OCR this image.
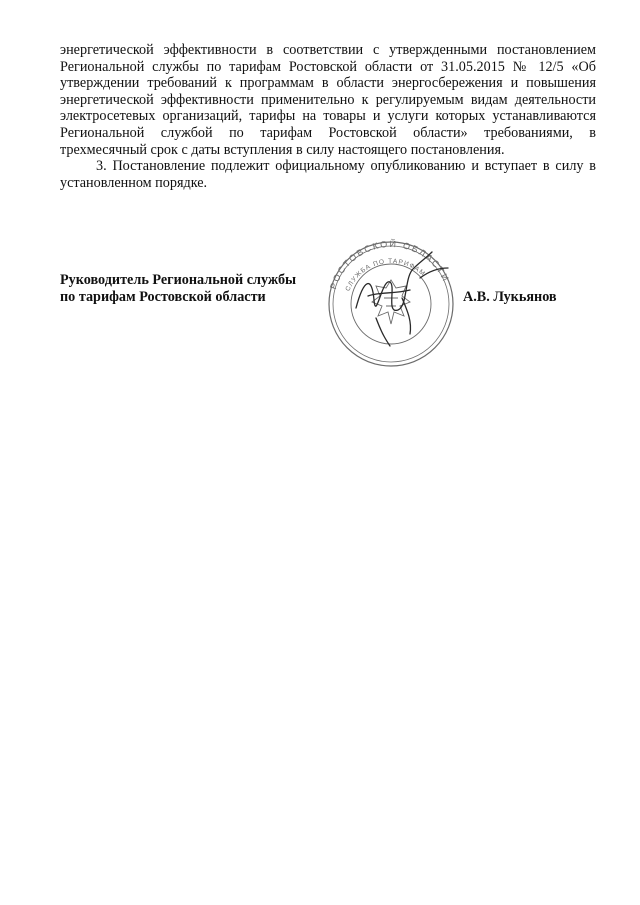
энергетической эффективности в соответствии с утвержденными постановлением Региональной службы по тарифам Ростовской области от 31.05.2015 № 12/5 «Об утверждении требований к программам в области энергосбережения и повышения энергетической эффективности применительно к регулируемым видам деятельности электросетевых организаций, тарифы на товары и услуги которых устанавливаются Региональной службой по тарифам Ростовской области» требованиями, в трехмесячный срок с даты вступления в силу настоящего постановления.

3. Постановление подлежит официальному опубликованию и вступает в силу в установленном порядке.

Руководитель Региональной службы
по тарифам Ростовской области
РОСТОВСКОЙ ОБЛАСТИ
СЛУЖБА ПО ТАРИФАМ
А.В. Лукьянов
